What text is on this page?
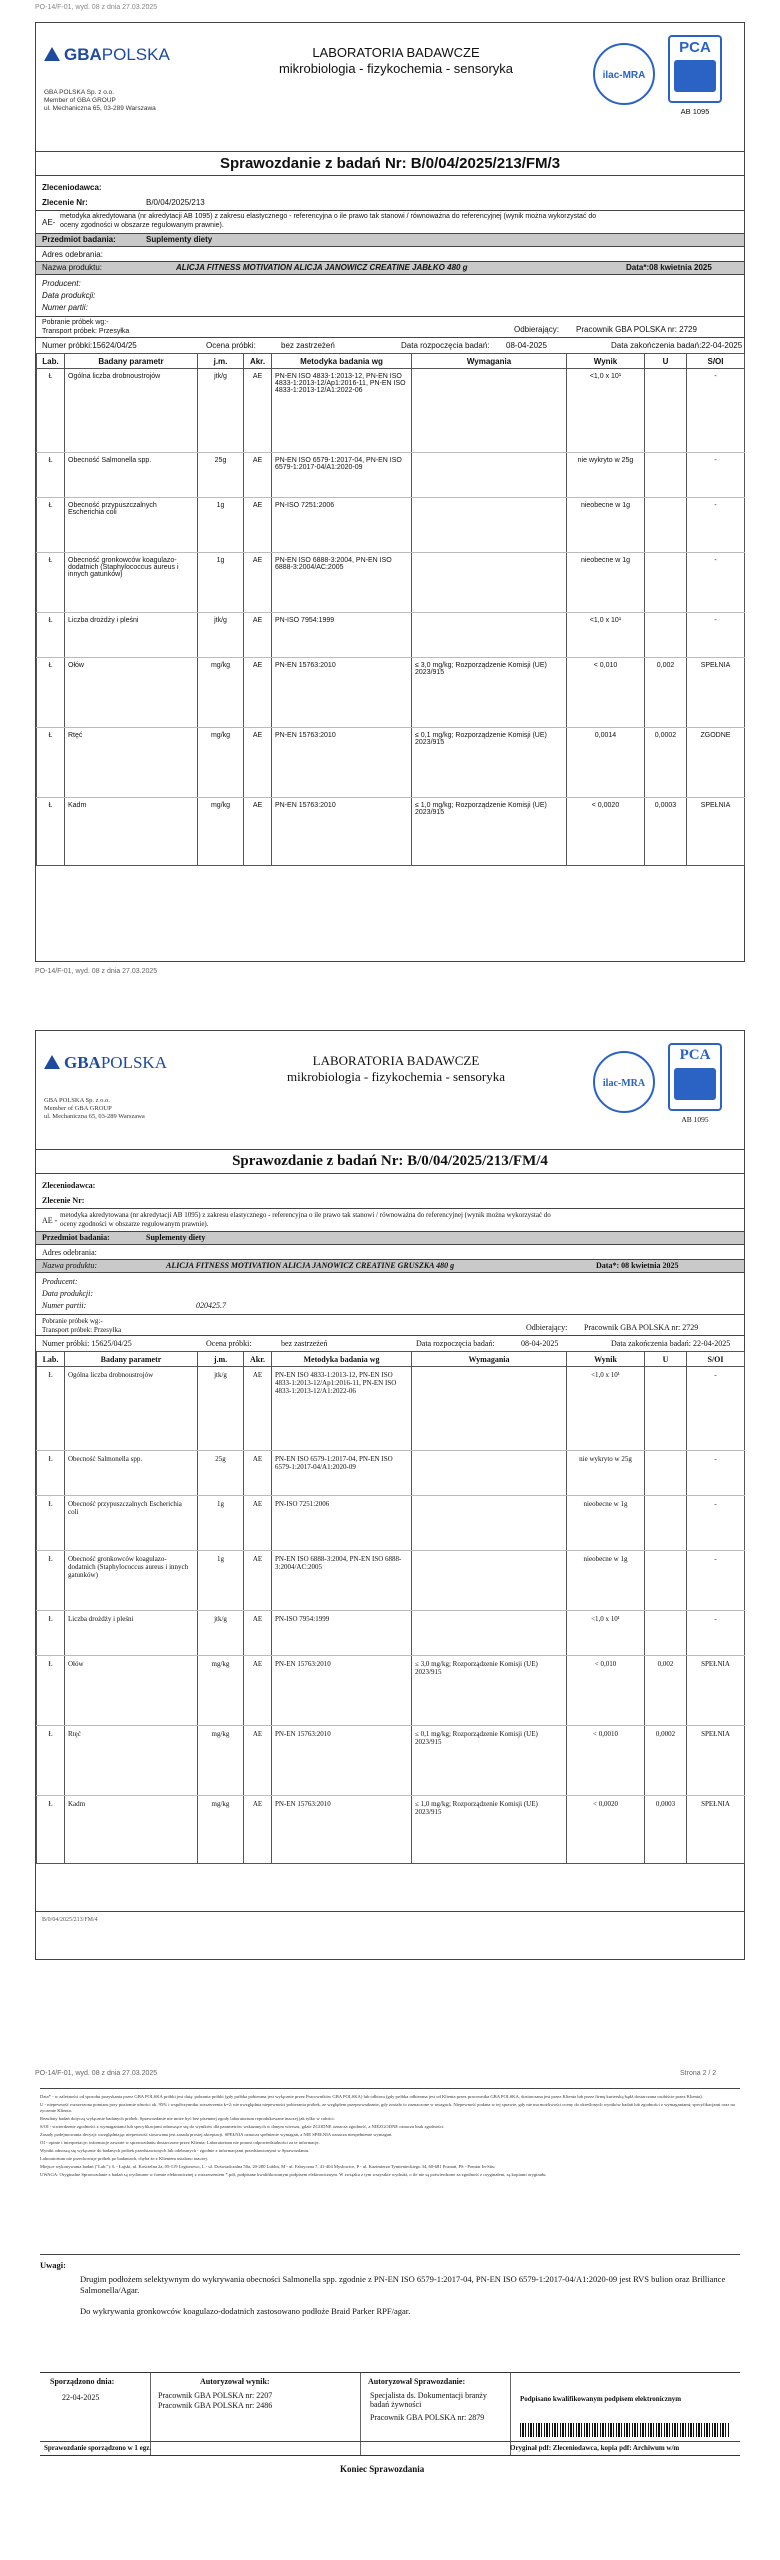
PO-14/F-01, wyd. 08 z dnia 27.03.2025
GBAPOLSKA
GBA POLSKA Sp. z o.o.
Member of GBA GROUP
ul. Mechaniczna 65, 03-289 Warszawa
LABORATORIA BADAWCZE
mikrobiologia - fizykochemia - sensoryka	ilac-MRA
PCA
AB 1095
Sprawozdanie z badań Nr: B/0/04/2025/213/FM/3
Zleceniodawca:
Zlecenie Nr:	B/0/04/2025/213
AE-
metodyka akredytowana (nr akredytacji AB 1095) z zakresu elastycznego - referencyjna o ile prawo tak stanowi / równoważna do referencyjnej (wynik można wykorzystać do
oceny zgodności w obszarze regulowanym prawnie).
Przedmiot badania:	Suplementy diety
Adres odebrania:
Nazwa produktu:	ALICJA FITNESS MOTIVATION ALICJA JANOWICZ CREATINE JABŁKO 480 g	Data*:08 kwietnia 2025
Producent:
Data produkcji:
Numer partii:
Pobranie próbek wg:-
Transport próbek: Przesyłka	Odbierający: Pracownik GBA POLSKA nr: 2729
Numer próbki:15624/04/25	Ocena próbki:	bez zastrzeżeń	Data rozpoczęcia badań: 08-04-2025	Data zakończenia badań:22-04-2025
Lab.	Badany parametr	j.m.	Akr.	Metodyka badania wg	Wymagania	Wynik	U	S/OI
Ł	Ogólna liczba drobnoustrojów	jtk/g	AE	PN-EN ISO 4833-1:2013-12, PN-EN ISO 4833-1:2013-12/Ap1:2016-11, PN-EN ISO 4833-1:2013-12/A1:2022-06		<1,0 x 10¹		-
Ł	Obecność Salmonella spp.	25g	AE	PN-EN ISO 6579-1:2017-04, PN-EN ISO 6579-1:2017-04/A1:2020-09		nie wykryto w 25g		-
Ł	Obecność przypuszczalnych Escherichia coli	1g	AE	PN-ISO 7251:2006		nieobecne w 1g		-
Ł	Obecność gronkowców koagulazo-dodatnich (Staphylococcus aureus i innych gatunków)	1g	AE	PN-EN ISO 6888-3:2004, PN-EN ISO 6888-3:2004/AC:2005		nieobecne w 1g		-
Ł	Liczba drożdży i pleśni	jtk/g	AE	PN-ISO 7954:1999		<1,0 x 10¹		-
Ł	Ołów	mg/kg	AE	PN-EN 15763:2010	≤ 3,0 mg/kg; Rozporządzenie Komisji (UE) 2023/915	< 0,010	0,002	SPEŁNIA
Ł	Rtęć	mg/kg	AE	PN-EN 15763:2010	≤ 0,1 mg/kg; Rozporządzenie Komisji (UE) 2023/915	0,0014	0,0002	ZGODNE
Ł	Kadm	mg/kg	AE	PN-EN 15763:2010	≤ 1,0 mg/kg; Rozporządzenie Komisji (UE) 2023/915	< 0,0020	0,0003	SPEŁNIA
PO-14/F-01, wyd. 08 z dnia 27.03.2025
GBAPOLSKA
GBA POLSKA Sp. z o.o.
Member of GBA GROUP
ul. Mechaniczna 65, 03-289 Warszawa
LABORATORIA BADAWCZE
mikrobiologia - fizykochemia - sensoryka	ilac-MRA
PCA
AB 1095
Sprawozdanie z badań Nr: B/0/04/2025/213/FM/4
Zleceniodawca:
Zlecenie Nr:
AE -
metodyka akredytowana (nr akredytacji AB 1095) z zakresu elastycznego - referencyjna o ile prawo tak stanowi / równoważna do referencyjnej (wynik można wykorzystać do
oceny zgodności w obszarze regulowanym prawnie).
Przedmiot badania:	Suplementy diety
Adres odebrania:
Nazwa produktu:	ALICJA FITNESS MOTIVATION ALICJA JANOWICZ CREATINE GRUSZKA 480 g	Data*: 08 kwietnia 2025
Producent:
Data produkcji:
Numer partii:	020425.7
Pobranie próbek wg:-
Transport próbek: Przesyłka	Odbierający: Pracownik GBA POLSKA nr: 2729
Numer próbki: 15625/04/25	Ocena próbki:	bez zastrzeżeń	Data rozpoczęcia badań:	08-04-2025	Data zakończenia badań: 22-04-2025
Lab.	Badany parametr	j.m.	Akr.	Metodyka badania wg	Wymagania	Wynik	U	S/OI
Ł	Ogólna liczba drobnoustrojów	jtk/g	AE	PN-EN ISO 4833-1:2013-12, PN-EN ISO 4833-1:2013-12/Ap1:2016-11, PN-EN ISO 4833-1:2013-12/A1:2022-06		<1,0 x 10¹		-
Ł	Obecność Salmonella spp.	25g	AE	PN-EN ISO 6579-1:2017-04, PN-EN ISO 6579-1:2017-04/A1:2020-09		nie wykryto w 25g		-
Ł	Obecność przypuszczalnych Escherichia coli	1g	AE	PN-ISO 7251:2006		nieobecne w 1g		-
Ł	Obecność gronkowców koagulazo-dodatnich (Staphylococcus aureus i innych gatunków)	1g	AE	PN-EN ISO 6888-3:2004, PN-EN ISO 6888-3:2004/AC:2005		nieobecne w 1g		-
Ł	Liczba drożdży i pleśni	jtk/g	AE	PN-ISO 7954:1999		<1,0 x 10¹		-
Ł	Ołów	mg/kg	AE	PN-EN 15763:2010	≤ 3,0 mg/kg; Rozporządzenie Komisji (UE) 2023/915	< 0,010	0,002	SPEŁNIA
Ł	Rtęć	mg/kg	AE	PN-EN 15763:2010	≤ 0,1 mg/kg; Rozporządzenie Komisji (UE) 2023/915	< 0,0010	0,0002	SPEŁNIA
Ł	Kadm	mg/kg	AE	PN-EN 15763:2010	≤ 1,0 mg/kg; Rozporządzenie Komisji (UE) 2023/915	< 0,0020	0,0003	SPEŁNIA
B/0/04/2025/213/FM/4
PO-14/F-01, wyd. 08 z dnia 27.03.2025	Strona 2 / 2
Data* - w zależności od sposobu pozyskania przez GBA POLSKA próbki jest datą: pobrania próbki (gdy próbka pobierana jest wyłącznie przez Pracowników GBA POLSKA) lub odbioru (gdy próbka odbierana jest od Klienta przez pracownika GBA POLSKA, dostarczana jest przez Klienta lub przez firmę kurierską bądź dostarczana osobiście przez Klienta).
U - niepewność rozszerzona pomiaru przy poziomie ufności ok. 95% i współczynniku rozszerzenia k=2; nie uwzględnia niepewności pobierania próbek, ze względem przeprowadzanie, gdy zostało to zaznaczone w uwagach. Niepewność podana w tej sprawie, gdy nie ma możliwości oceny do określonych wyników badań lub zgodności z wymaganiami; specyfikacjami oraz na życzenie Klienta.
Rezultaty badań dotyczą wyłącznie badanych próbek. Sprawozdanie nie może być bez pisemnej zgody laboratorium reprodukowane inaczej jak tylko w całości.
S/OI - stwierdzenie zgodności z wymaganiami lub specyfikacjami odnoszące się do wyników dla parametrów wskazanych w danym wierszu, gdzie ZGODNE oznacza zgodność, a NIEZGODNE oznacza brak zgodności.
Zasady podejmowania decyzji: uwzględniając niepewność stosowana jest zasada prostej akceptacji. SPEŁNIA oznacza spełnienie wymagań, a NIE SPEŁNIA oznacza niespełnienie wymagań.
OI - opinie i interpretacje; informacje zawarte w sprawozdaniu dostarczone przez Klienta; Laboratorium nie ponosi odpowiedzialności za te informacje.
Wyniki odnoszą się wyłącznie do badanych próbek przedstawionych lub odebranych - zgodnie z informacjami przedstawionymi w Sprawozdaniu.
Laboratorium nie przechowuje próbek po badaniach, chyba że z Klientem ustalono inaczej.
Miejsce wykonywania badań ("Lab."): Ł - Łajski, ul. Kościelna 2a, 05-119 Legionowo, L - ul. Doświadczalna 50a, 20-280 Lublin, M - ul. Fabryczna 7, 41-404 Mysłowice, P - ul. Kazimierza Tymienieckiego 34, 60-681 Poznań, PS - Pomiar In-Situ
UWAGA: Oryginalne Sprawozdanie z badań są wydawane w formie elektronicznej z rozszerzeniem *.pdf, podpisane kwalifikowanym podpisem elektronicznym. W związku z tym wszystkie wydruki, o ile nie są potwierdzone za zgodność z oryginałem, są kopiami oryginału.
Uwagi:
Drugim podłożem selektywnym do wykrywania obecności Salmonella spp. zgodnie z PN-EN ISO 6579-1:2017-04, PN-EN ISO 6579-1:2017-04/A1:2020-09 jest RVS bulion oraz Brilliance Salmonella/Agar.
Do wykrywania gronkowców koagulazo-dodatnich zastosowano podłoże Braid Parker RPF/agar.
Sporządzono dnia:
22-04-2025
Autoryzował wynik:
Pracownik GBA POLSKA nr: 2207
Pracownik GBA POLSKA nr: 2486
Autoryzował Sprawozdanie:
Specjalista ds. Dokumentacji branży badań żywności
Pracownik GBA POLSKA nr: 2879
Podpisano kwalifikowanym podpisem elektronicznym
Sprawozdanie sporządzono w 1 egz.	Oryginał pdf: Zleceniodawca, kopia pdf: Archiwum w/m
Koniec Sprawozdania
